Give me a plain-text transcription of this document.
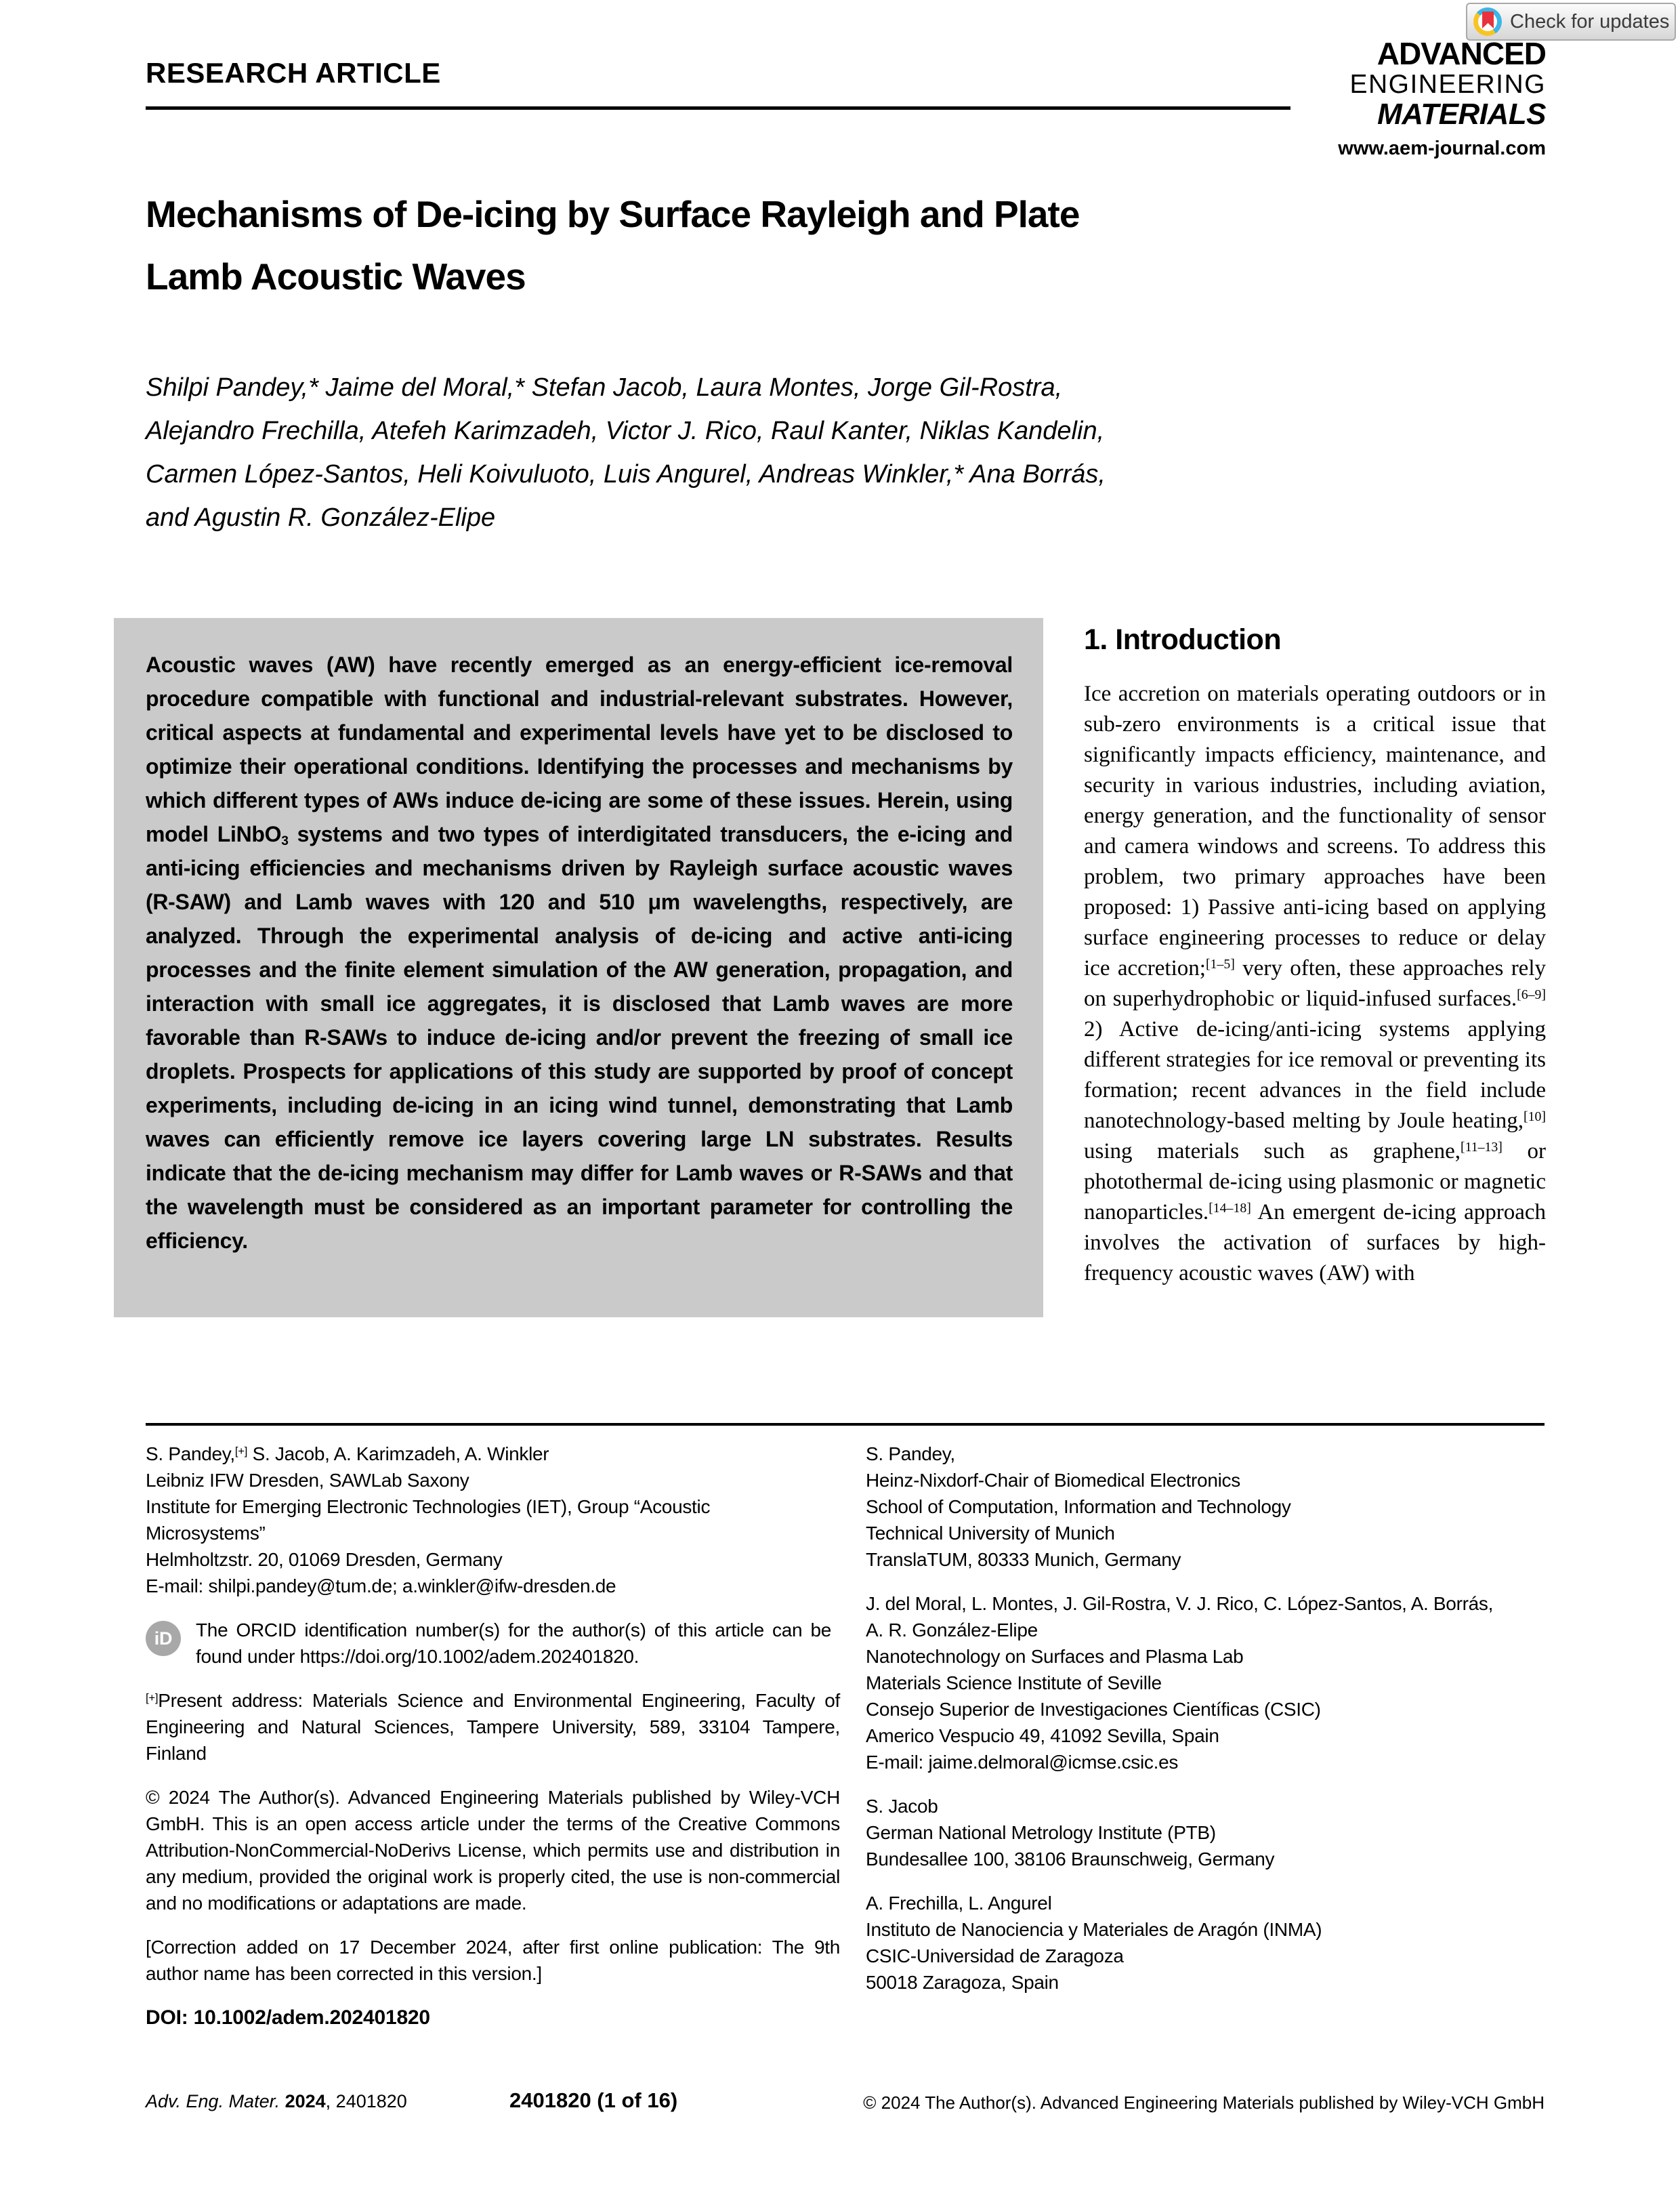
RESEARCH ARTICLE
Check for updates
ADVANCED
ENGINEERING
MATERIALS
www.aem-journal.com
Mechanisms of De-icing by Surface Rayleigh and Plate
Lamb Acoustic Waves
Shilpi Pandey,* Jaime del Moral,* Stefan Jacob, Laura Montes, Jorge Gil-Rostra,
Alejandro Frechilla, Atefeh Karimzadeh, Victor J. Rico, Raul Kanter, Niklas Kandelin,
Carmen López-Santos, Heli Koivuluoto, Luis Angurel, Andreas Winkler,* Ana Borrás,
and Agustin R. González-Elipe

Acoustic waves (AW) have recently emerged as an energy-efficient ice-removal procedure compatible with functional and industrial-relevant substrates. However, critical aspects at fundamental and experimental levels have yet to be disclosed to optimize their operational conditions. Identifying the processes and mechanisms by which different types of AWs induce de-icing are some of these issues. Herein, using model LiNbO$_3$ systems and two types of interdigitated transducers, the e-icing and anti-icing efficiencies and mechanisms driven by Rayleigh surface acoustic waves (R-SAW) and Lamb waves with 120 and 510 μm wavelengths, respectively, are analyzed. Through the experimental analysis of de-icing and active anti-icing processes and the finite element simulation of the AW generation, propagation, and interaction with small ice aggregates, it is disclosed that Lamb waves are more favorable than R-SAWs to induce de-icing and/or prevent the freezing of small ice droplets. Prospects for applications of this study are supported by proof of concept experiments, including de-icing in an icing wind tunnel, demonstrating that Lamb waves can efficiently remove ice layers covering large LN substrates. Results indicate that the de-icing mechanism may differ for Lamb waves or R-SAWs and that the wavelength must be considered as an important parameter for controlling the efficiency.

1. Introduction

Ice accretion on materials operating outdoors or in sub-zero environments is a critical issue that significantly impacts efficiency, maintenance, and security in various industries, including aviation, energy generation, and the functionality of sensor and camera windows and screens. To address this problem, two primary approaches have been proposed: 1) Passive anti-icing based on applying surface engineering processes to reduce or delay ice accretion;[1–5] very often, these approaches rely on superhydrophobic or liquid-infused surfaces.[6–9] 2) Active de-icing/anti-icing systems applying different strategies for ice removal or preventing its formation; recent advances in the field include nanotechnology-based melting by Joule heating,[10] using materials such as graphene,[11–13] or photothermal de-icing using plasmonic or magnetic nanoparticles.[14–18] An emergent de-icing approach involves the activation of surfaces by high-frequency acoustic waves (AW) with

S. Pandey,[+] S. Jacob, A. Karimzadeh, A. Winkler
Leibniz IFW Dresden, SAWLab Saxony
Institute for Emerging Electronic Technologies (IET), Group “Acoustic
Microsystems”
Helmholtzstr. 20, 01069 Dresden, Germany
E-mail: shilpi.pandey@tum.de; a.winkler@ifw-dresden.de
iD	The ORCID identification number(s) for the author(s) of this article can be found under https://doi.org/10.1002/adem.202401820.

[+]Present address: Materials Science and Environmental Engineering, Faculty of Engineering and Natural Sciences, Tampere University, 589, 33104 Tampere, Finland

© 2024 The Author(s). Advanced Engineering Materials published by Wiley-VCH GmbH. This is an open access article under the terms of the Creative Commons Attribution-NonCommercial-NoDerivs License, which permits use and distribution in any medium, provided the original work is properly cited, the use is non-commercial and no modifications or adaptations are made.

[Correction added on 17 December 2024, after first online publication: The 9th author name has been corrected in this version.]

DOI: 10.1002/adem.202401820
S. Pandey,
Heinz-Nixdorf-Chair of Biomedical Electronics
School of Computation, Information and Technology
Technical University of Munich
TranslaTUM, 80333 Munich, Germany
J. del Moral, L. Montes, J. Gil-Rostra, V. J. Rico, C. López-Santos, A. Borrás,
A. R. González-Elipe
Nanotechnology on Surfaces and Plasma Lab
Materials Science Institute of Seville
Consejo Superior de Investigaciones Científicas (CSIC)
Americo Vespucio 49, 41092 Sevilla, Spain
E-mail: jaime.delmoral@icmse.csic.es
S. Jacob
German National Metrology Institute (PTB)
Bundesallee 100, 38106 Braunschweig, Germany
A. Frechilla, L. Angurel
Instituto de Nanociencia y Materiales de Aragón (INMA)
CSIC-Universidad de Zaragoza
50018 Zaragoza, Spain
Adv. Eng. Mater. 2024, 2401820	2401820 (1 of 16)	© 2024 The Author(s). Advanced Engineering Materials published by Wiley-VCH GmbH
